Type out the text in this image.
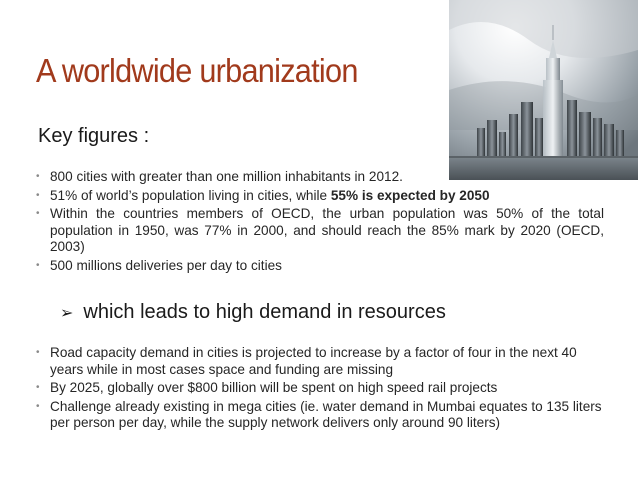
A worldwide urbanization
Key figures :
• 800 cities with greater than one million inhabitants in 2012.
• 51% of world’s population living in cities, while 55% is expected by 2050
• Within the countries members of OECD, the urban population was 50% of the total population in 1950, was 77% in 2000, and should reach the 85% mark by 2020 (OECD, 2003)
• 500 millions deliveries per day to cities
➢ which leads to high demand in resources
• Road capacity demand in cities is projected to increase by a factor of four in the next 40 years while in most cases space and funding are missing
• By 2025, globally over $800 billion will be spent on high speed rail projects
• Challenge already existing in mega cities (ie. water demand in Mumbai equates to 135 liters per person per day, while the supply network delivers only around 90 liters)
